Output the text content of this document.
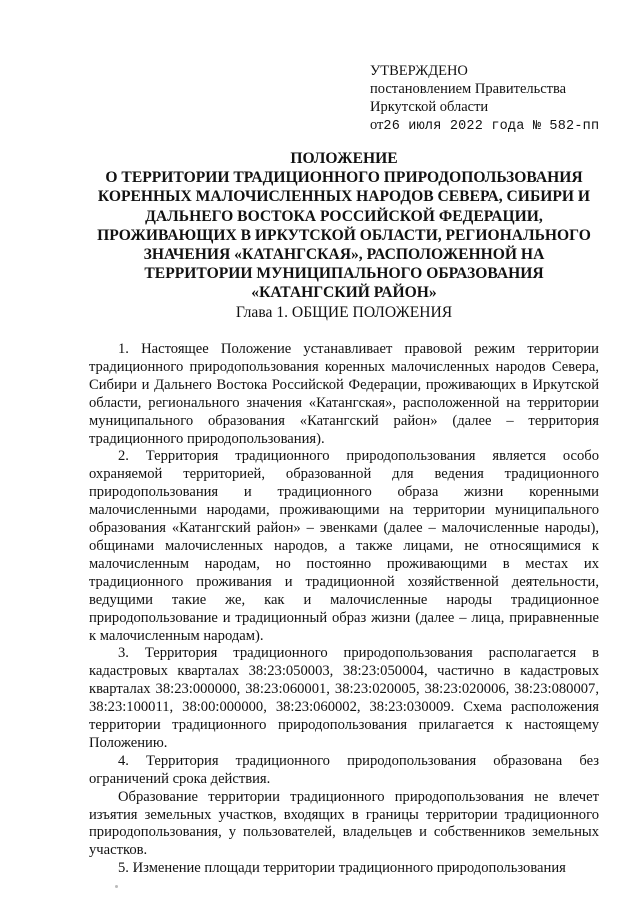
УТВЕРЖДЕНО
постановлением Правительства
Иркутской области
от26 июля 2022 года № 582-пп
ПОЛОЖЕНИЕ
О ТЕРРИТОРИИ ТРАДИЦИОННОГО ПРИРОДОПОЛЬЗОВАНИЯ
КОРЕННЫХ МАЛОЧИСЛЕННЫХ НАРОДОВ СЕВЕРА, СИБИРИ И
ДАЛЬНЕГО ВОСТОКА РОССИЙСКОЙ ФЕДЕРАЦИИ,
ПРОЖИВАЮЩИХ В ИРКУТСКОЙ ОБЛАСТИ, РЕГИОНАЛЬНОГО
ЗНАЧЕНИЯ «КАТАНГСКАЯ», РАСПОЛОЖЕННОЙ НА
ТЕРРИТОРИИ МУНИЦИПАЛЬНОГО ОБРАЗОВАНИЯ
«КАТАНГСКИЙ РАЙОН»
Глава 1. ОБЩИЕ ПОЛОЖЕНИЯ

1. Настоящее Положение устанавливает правовой режим территории традиционного природопользования коренных малочисленных народов Севера, Сибири и Дальнего Востока Российской Федерации, проживающих в Иркутской области, регионального значения «Катангская», расположенной на территории муниципального образования «Катангский район» (далее – территория традиционного природопользования).

2. Территория традиционного природопользования является особо охраняемой территорией, образованной для ведения традиционного природопользования и традиционного образа жизни коренными малочисленными народами, проживающими на территории муниципального образования «Катангский район» – эвенками (далее – малочисленные народы), общинами малочисленных народов, а также лицами, не относящимися к малочисленным народам, но постоянно проживающими в местах их традиционного проживания и традиционной хозяйственной деятельности, ведущими такие же, как и малочисленные народы традиционное природопользование и традиционный образ жизни (далее – лица, приравненные к малочисленным народам).

3. Территория традиционного природопользования располагается в кадастровых кварталах 38:23:050003, 38:23:050004, частично в кадастровых кварталах 38:23:000000, 38:23:060001, 38:23:020005, 38:23:020006, 38:23:080007, 38:23:100011, 38:00:000000, 38:23:060002, 38:23:030009. Схема расположения территории традиционного природопользования прилагается к настоящему Положению.

4. Территория традиционного природопользования образована без ограничений срока действия.

Образование территории традиционного природопользования не влечет изъятия земельных участков, входящих в границы территории традиционного природопользования, у пользователей, владельцев и собственников земельных участков.

5. Изменение площади территории традиционного природопользования
